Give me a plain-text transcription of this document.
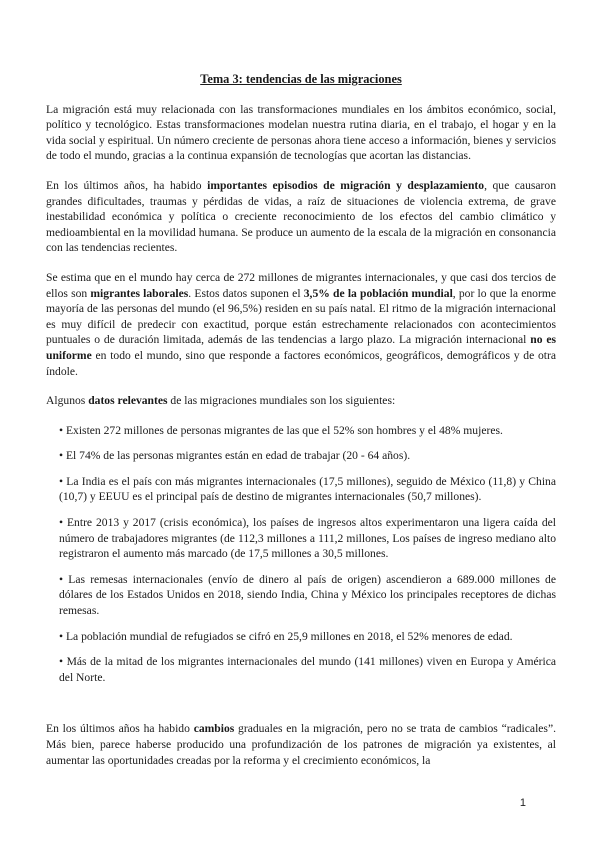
Tema 3: tendencias de las migraciones

La migración está muy relacionada con las transformaciones mundiales en los ámbitos económico, social, político y tecnológico. Estas transformaciones modelan nuestra rutina diaria, en el trabajo, el hogar y en la vida social y espiritual. Un número creciente de personas ahora tiene acceso a información, bienes y servicios de todo el mundo, gracias a la continua expansión de tecnologías que acortan las distancias.

En los últimos años, ha habido importantes episodios de migración y desplazamiento, que causaron grandes dificultades, traumas y pérdidas de vidas, a raíz de situaciones de violencia extrema, de grave inestabilidad económica y política o creciente reconocimiento de los efectos del cambio climático y medioambiental en la movilidad humana. Se produce un aumento de la escala de la migración en consonancia con las tendencias recientes.

Se estima que en el mundo hay cerca de 272 millones de migrantes internacionales, y que casi dos tercios de ellos son migrantes laborales. Estos datos suponen el 3,5% de la población mundial, por lo que la enorme mayoría de las personas del mundo (el 96,5%) residen en su país natal. El ritmo de la migración internacional es muy difícil de predecir con exactitud, porque están estrechamente relacionados con acontecimientos puntuales o de duración limitada, además de las tendencias a largo plazo. La migración internacional no es uniforme en todo el mundo, sino que responde a factores económicos, geográficos, demográficos y de otra índole.

Algunos datos relevantes de las migraciones mundiales son los siguientes:

• Existen 272 millones de personas migrantes de las que el 52% son hombres y el 48% mujeres.
• El 74% de las personas migrantes están en edad de trabajar (20 - 64 años).
• La India es el país con más migrantes internacionales (17,5 millones), seguido de México (11,8) y China (10,7) y EEUU es el principal país de destino de migrantes internacionales (50,7 millones).
• Entre 2013 y 2017 (crisis económica), los países de ingresos altos experimentaron una ligera caída del número de trabajadores migrantes (de 112,3 millones a 111,2 millones, Los países de ingreso mediano alto registraron el aumento más marcado (de 17,5 millones a 30,5 millones.
• Las remesas internacionales (envío de dinero al país de origen) ascendieron a 689.000 millones de dólares de los Estados Unidos en 2018, siendo India, China y México los principales receptores de dichas remesas.
• La población mundial de refugiados se cifró en 25,9 millones en 2018, el 52% menores de edad.
• Más de la mitad de los migrantes internacionales del mundo (141 millones) viven en Europa y América del Norte.

En los últimos años ha habido cambios graduales en la migración, pero no se trata de cambios “radicales”. Más bien, parece haberse producido una profundización de los patrones de migración ya existentes, al aumentar las oportunidades creadas por la reforma y el crecimiento económicos, la

1
